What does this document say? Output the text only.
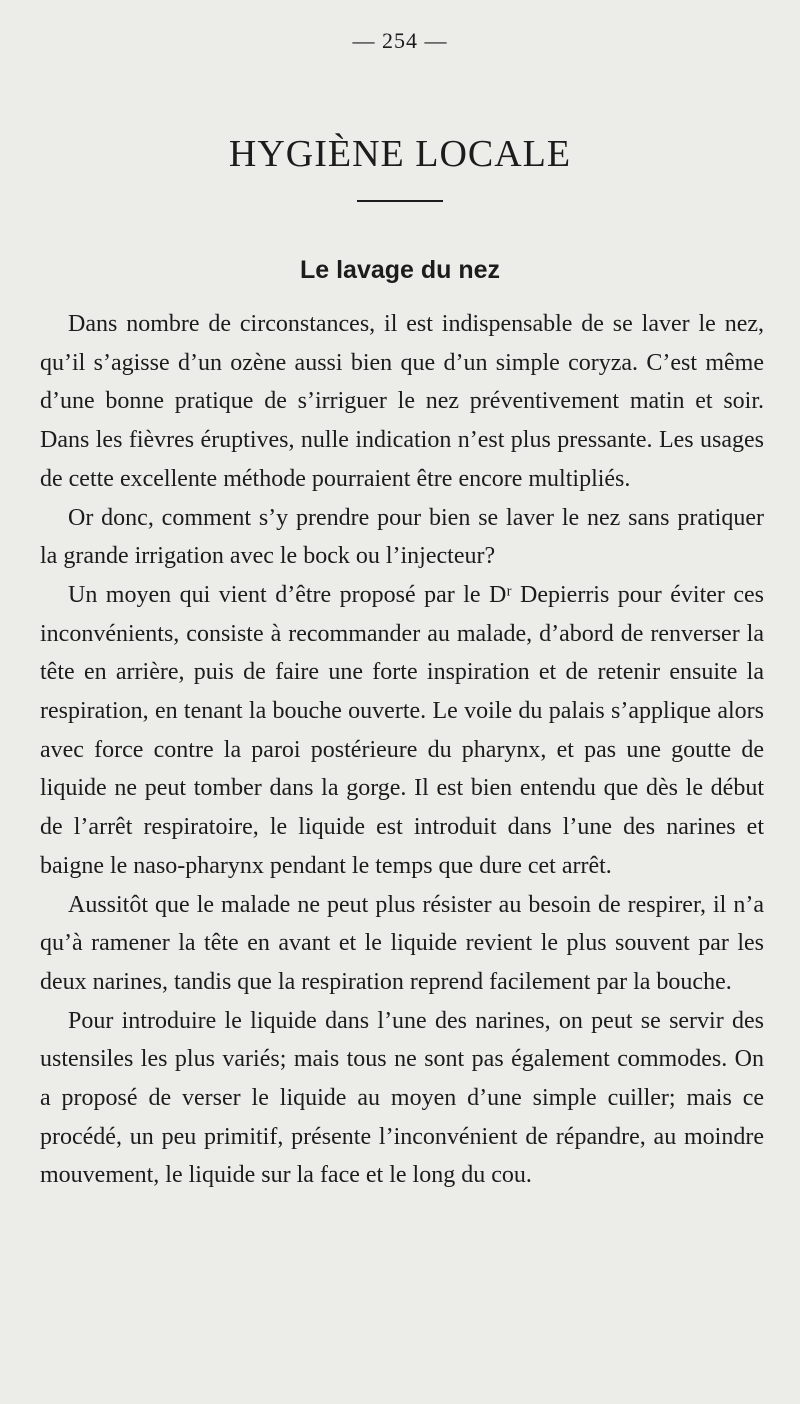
— 254 —
HYGIÈNE LOCALE
Le lavage du nez

Dans nombre de circonstances, il est indispensable de se laver le nez, qu’il s’agisse d’un ozène aussi bien que d’un simple coryza. C’est même d’une bonne pratique de s’irriguer le nez préventivement matin et soir. Dans les fièvres éruptives, nulle indication n’est plus pressante. Les usages de cette excellente méthode pourraient être encore multipliés.

Or donc, comment s’y prendre pour bien se laver le nez sans pratiquer la grande irrigation avec le bock ou l’injecteur?

Un moyen qui vient d’être proposé par le Dʳ Depierris pour éviter ces inconvénients, consiste à recommander au malade, d’abord de renverser la tête en arrière, puis de faire une forte inspiration et de retenir ensuite la respiration, en tenant la bouche ouverte. Le voile du palais s’applique alors avec force contre la paroi postérieure du pharynx, et pas une goutte de liquide ne peut tomber dans la gorge. Il est bien entendu que dès le début de l’arrêt respiratoire, le liquide est introduit dans l’une des narines et baigne le naso-pharynx pendant le temps que dure cet arrêt.

Aussitôt que le malade ne peut plus résister au besoin de respirer, il n’a qu’à ramener la tête en avant et le liquide revient le plus souvent par les deux narines, tandis que la respiration reprend facilement par la bouche.

Pour introduire le liquide dans l’une des narines, on peut se servir des ustensiles les plus variés; mais tous ne sont pas également commodes. On a proposé de verser le liquide au moyen d’une simple cuiller; mais ce procédé, un peu primitif, présente l’inconvénient de répandre, au moindre mouvement, le liquide sur la face et le long du cou.
